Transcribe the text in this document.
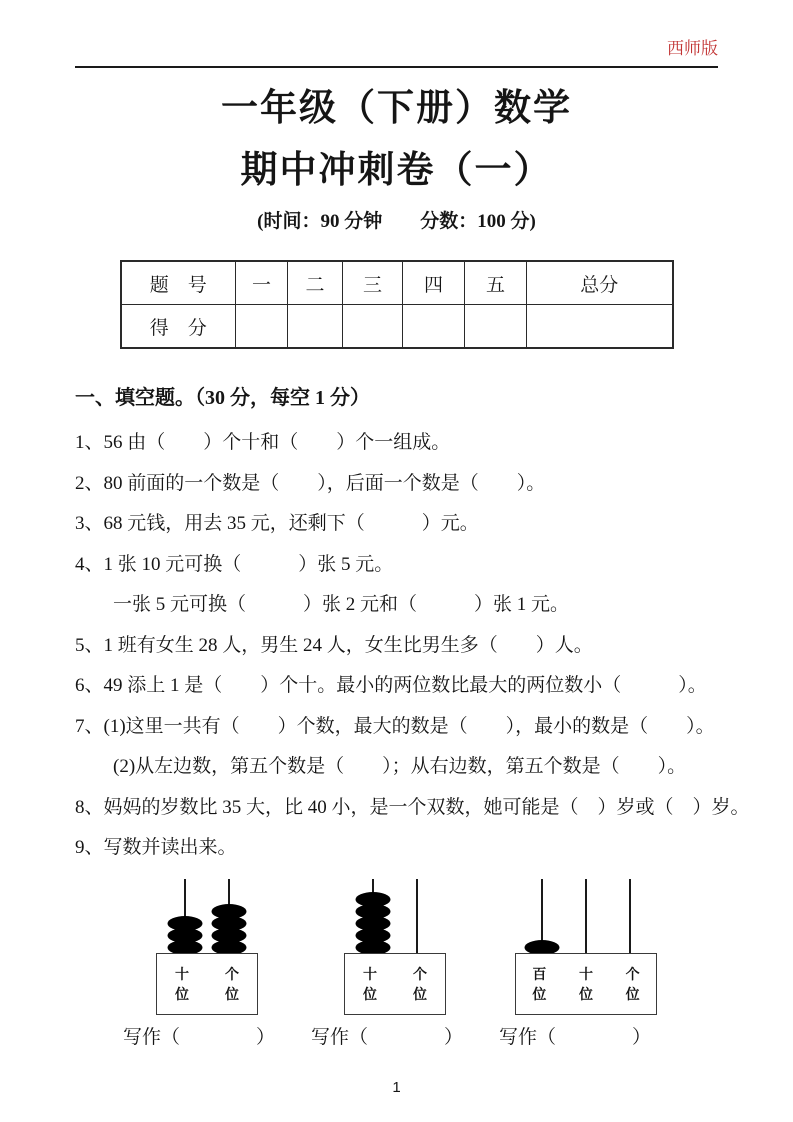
西师版
一年级（下册）数学
期中冲刺卷（一）
(时间：90 分钟　　分数：100 分)
题　号	一	二	三	四	五	总分
得　分						
一、填空题。（30 分，每空 1 分）
1、56 由（　　）个十和（　　）个一组成。
2、80 前面的一个数是（　　），后面一个数是（　　）。
3、68 元钱，用去 35 元，还剩下（　　　）元。
4、1 张 10 元可换（　　　）张 5 元。
一张 5 元可换（　　　）张 2 元和（　　　）张 1 元。
5、1 班有女生 28 人，男生 24 人，女生比男生多（　　）人。
6、49 添上 1 是（　　）个十。最小的两位数比最大的两位数小（　　　）。
7、(1)这里一共有（　　）个数，最大的数是（　　），最小的数是（　　）。
(2)从左边数，第五个数是（　　）；从右边数，第五个数是（　　）。
8、妈妈的岁数比 35 大，比 40 小，是一个双数，她可能是（　）岁或（　）岁。
9、写数并读出来。
十位
个位
写作（　　　　）
十位
个位
写作（　　　　）
百位
十位
个位
写作（　　　　）
1
